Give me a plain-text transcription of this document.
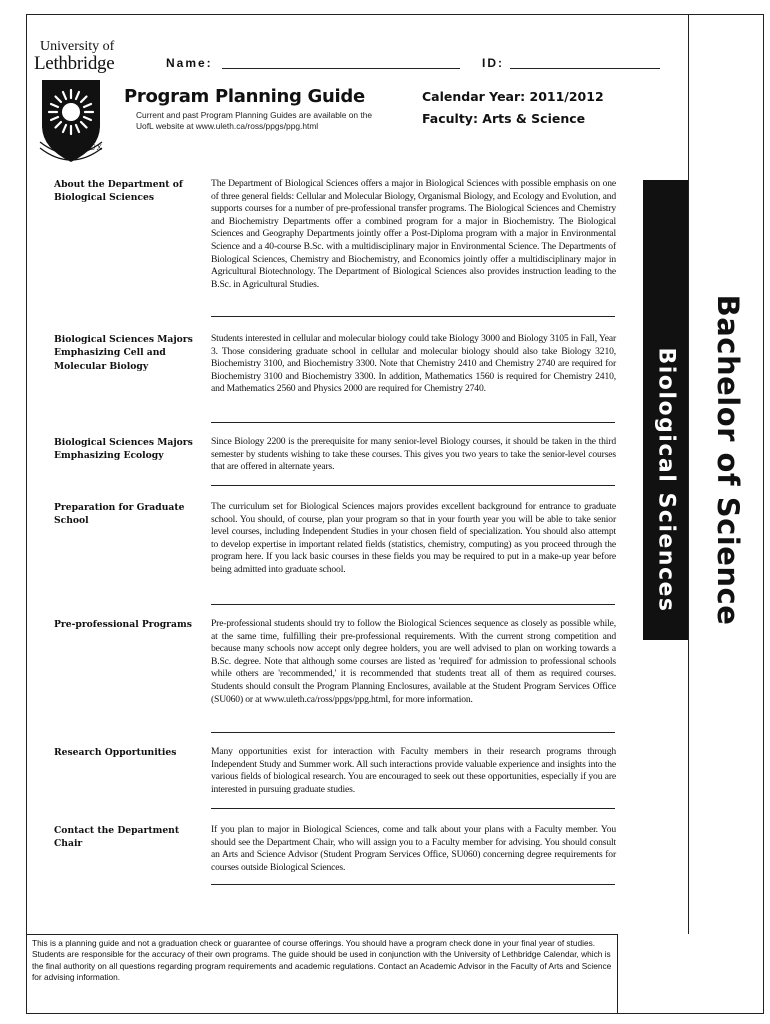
University of
Lethbridge
FIAT LUX
Name:	ID:
Program Planning Guide
Current and past Program Planning Guides are available on the UofL website at www.uleth.ca/ross/ppgs/ppg.html
Calendar Year: 2011/2012
Faculty: Arts & Science
About the Department of Biological Sciences
The Department of Biological Sciences offers a major in Biological Sciences with possible emphasis on one of three general fields: Cellular and Molecular Biology, Organismal Biology, and Ecology and Evolution, and supports courses for a number of pre-professional transfer programs. The Biological Sciences and Chemistry and Biochemistry Departments offer a combined program for a major in Biochemistry. The Biological Sciences and Geography Departments jointly offer a Post-Diploma program with a major in Environmental Science and a 40-course B.Sc. with a multidisciplinary major in Environmental Science. The Departments of Biological Sciences, Chemistry and Biochemistry, and Economics jointly offer a multidisciplinary major in Agricultural Biotechnology. The Department of Biological Sciences also provides instruction leading to the B.Sc. in Agricultural Studies.
Biological Sciences Majors Emphasizing Cell and Molecular Biology
Students interested in cellular and molecular biology could take Biology 3000 and Biology 3105 in Fall, Year 3. Those considering graduate school in cellular and molecular biology should also take Biology 3210, Biochemistry 3100, and Biochemistry 3300. Note that Chemistry 2410 and Chemistry 2740 are required for Biochemistry 3100 and Biochemistry 3300. In addition, Mathematics 1560 is required for Chemistry 2410, and Mathematics 2560 and Physics 2000 are required for Chemistry 2740.
Biological Sciences Majors Emphasizing Ecology
Since Biology 2200 is the prerequisite for many senior-level Biology courses, it should be taken in the third semester by students wishing to take these courses. This gives you two years to take the senior-level courses that are offered in alternate years.
Preparation for Graduate School
The curriculum set for Biological Sciences majors provides excellent background for entrance to graduate school. You should, of course, plan your program so that in your fourth year you will be able to take senior level courses, including Independent Studies in your chosen field of specialization. You should also attempt to develop expertise in important related fields (statistics, chemistry, computing) as you proceed through the program here. If you lack basic courses in these fields you may be required to put in a make-up year before being admitted into graduate school.
Pre-professional Programs	Pre-professional students should try to follow the Biological Sciences sequence as closely as possible while, at the same time, fulfilling their pre-professional requirements. With the current strong competition and because many schools now accept only degree holders, you are well advised to plan on working towards a B.Sc. degree. Note that although some courses are listed as 'required' for admission to professional schools while others are 'recommended,' it is recommended that students treat all of them as required courses. Students should consult the Program Planning Enclosures, available at the Student Program Services Office (SU060) or at www.uleth.ca/ross/ppgs/ppg.html, for more information.
Research Opportunities	Many opportunities exist for interaction with Faculty members in their research programs through Independent Study and Summer work. All such interactions provide valuable experience and insights into the various fields of biological research. You are encouraged to seek out these opportunities, especially if you are interested in pursuing graduate studies.
Contact the Department Chair
If you plan to major in Biological Sciences, come and talk about your plans with a Faculty member. You should see the Department Chair, who will assign you to a Faculty member for advising. You should consult an Arts and Science Advisor (Student Program Services Office, SU060) concerning degree requirements for courses outside Biological Sciences.
Biological Sciences Bachelor of Science
This is a planning guide and not a graduation check or guarantee of course offerings. You should have a program check done in your final year of studies. Students are responsible for the accuracy of their own programs. The guide should be used in conjunction with the University of Lethbridge Calendar, which is the final authority on all questions regarding program requirements and academic regulations. Contact an Academic Advisor in the Faculty of Arts and Science for advising information.
